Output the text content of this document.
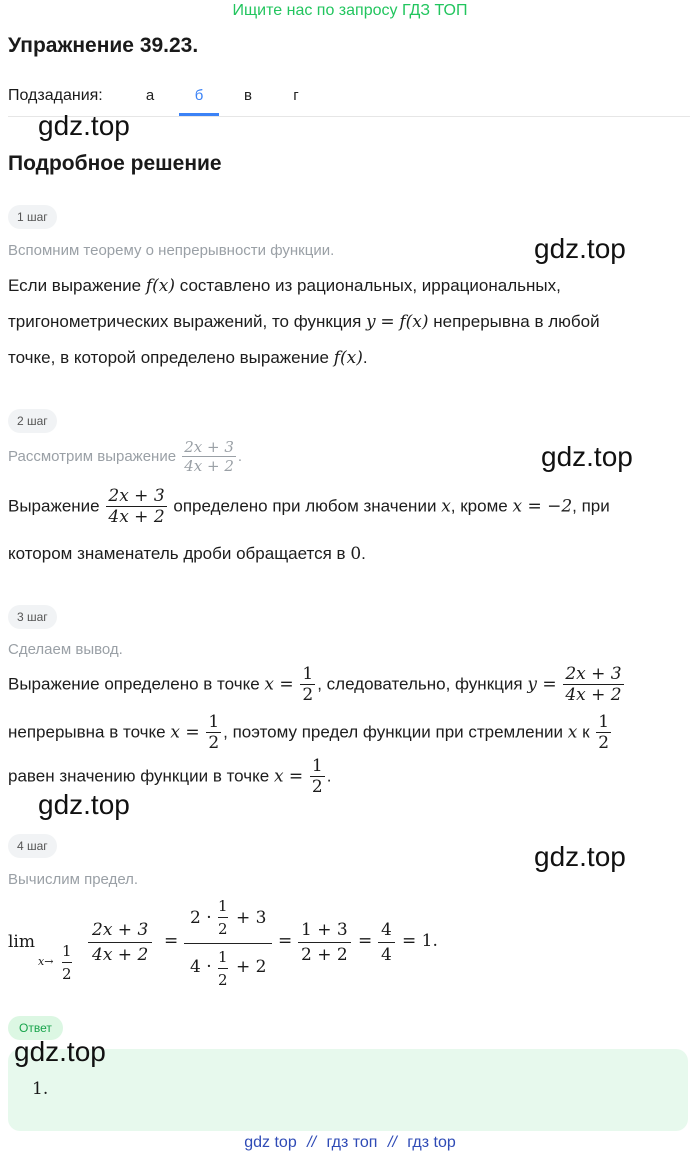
Ищите нас по запросу ГДЗ ТОП
Упражнение 39.23.
Подзадания:	а	б	в	г
gdz.top
gdz.top
gdz.top
gdz.top
gdz.top
gdz.top
Подробное решение
1 шаг
Вспомним теорему о непрерывности функции.
Если выражение f(x) составлено из рациональных, иррациональных,
тригонометрических выражений, то функция y = f(x) непрерывна в любой
точке, в которой определено выражение f(x).
2 шаг
Рассмотрим выражение $\frac{2x + 3}{4x + 2}$ .
Выражение $\frac{2x + 3}{4x + 2}$ определено при любом значении x, кроме x = −2, при
котором знаменатель дроби обращается в 0.
3 шаг
Сделаем вывод.
Выражение определено в точке $x = \frac{1}{2}$ , следовательно, функция $y = \frac{2x + 3}{4x + 2}$
непрерывна в точке $x = \frac{1}{2}$ , поэтому предел функции при стремлении x к $\frac{1}{2}$
равен значению функции в точке $x = \frac{1}{2}$ .
4 шаг
Вычислим предел.
lim
$x\to \frac{1}{2} \frac{2x + 3}{4x + 2}$ =
$2 \cdot \frac{1}{2} + 3$
$4 \cdot \frac{1}{2} + 2$
= $\frac{1 + 3}{2 + 2} = \frac{4}{4} = 1$.
Ответ
1.
gdz top // гдз топ // гдз top
